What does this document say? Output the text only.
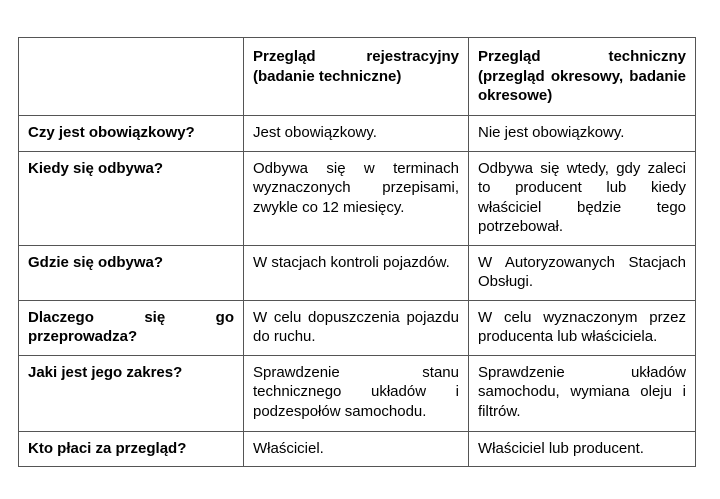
	Przegląd rejestracyjny (badanie techniczne)	Przegląd techniczny (przegląd okresowy, badanie okresowe)
Czy jest obowiązkowy?	Jest obowiązkowy.	Nie jest obowiązkowy.
Kiedy się odbywa?	Odbywa się w terminach wyznaczonych przepisami, zwykle co 12 miesięcy.	Odbywa się wtedy, gdy zaleci to producent lub kiedy właściciel będzie tego potrzebował.
Gdzie się odbywa?	W stacjach kontroli pojazdów.	W Autoryzowanych Stacjach Obsługi.
Dlaczego się go przeprowadza?	W celu dopuszczenia pojazdu do ruchu.	W celu wyznaczonym przez producenta lub właściciela.
Jaki jest jego zakres?	Sprawdzenie stanu technicznego układów i podzespołów samochodu.	Sprawdzenie układów samochodu, wymiana oleju i filtrów.
Kto płaci za przegląd?	Właściciel.	Właściciel lub producent.
